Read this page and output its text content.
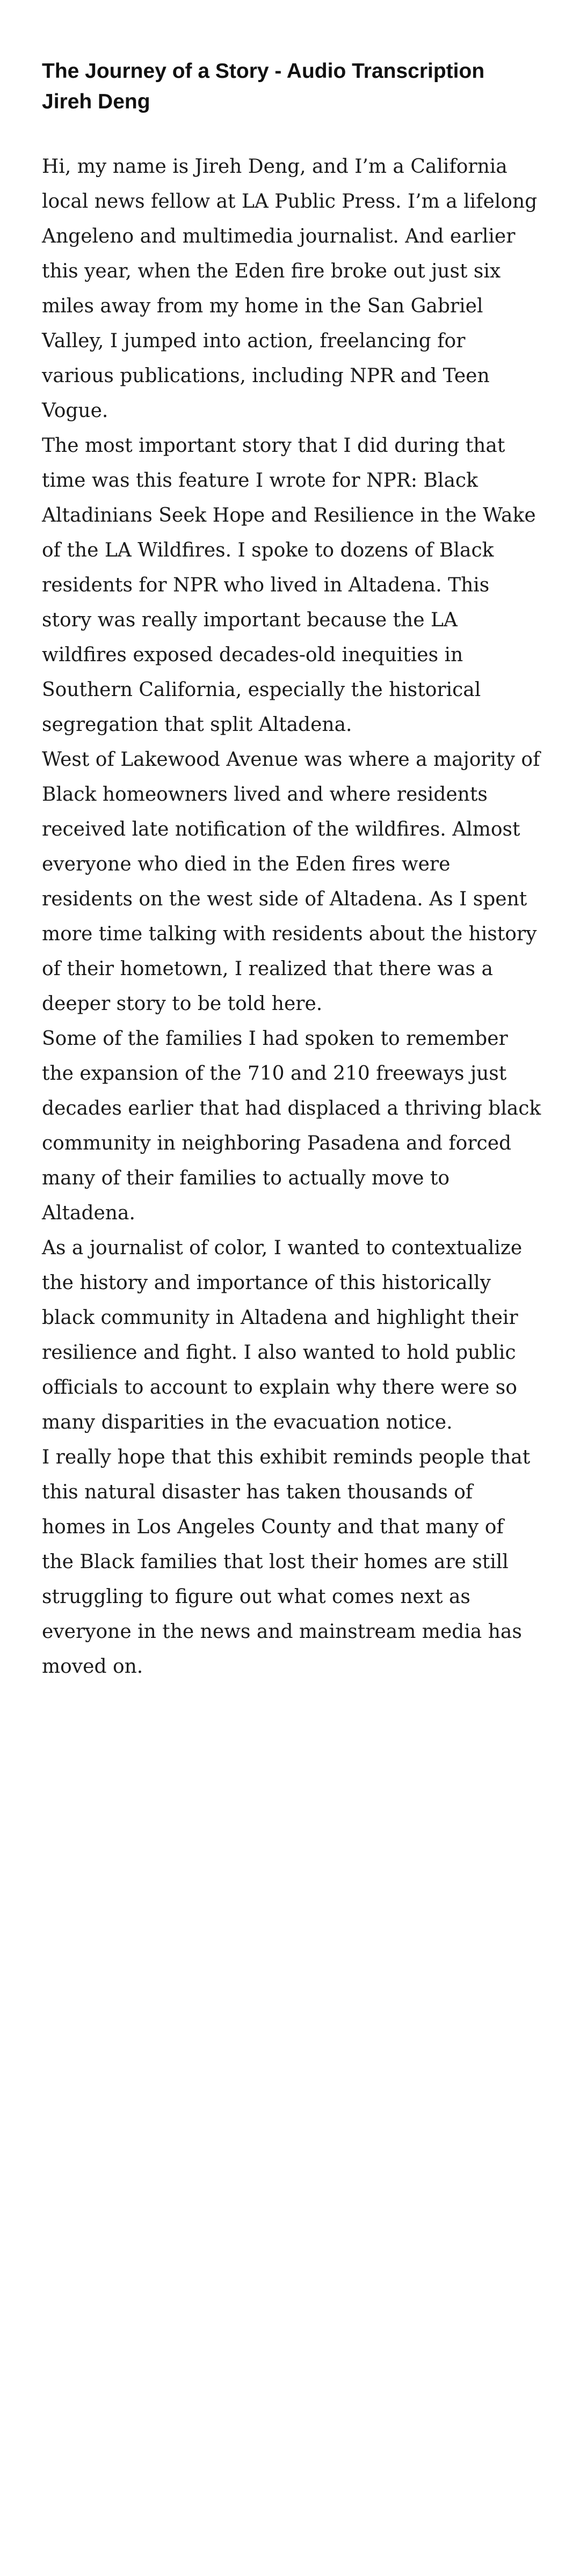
The Journey of a Story - Audio Transcription
Jireh Deng

Hi, my name is Jireh Deng, and I’m a California local news fellow at LA Public Press. I’m a lifelong Angeleno and multimedia journalist. And earlier this year, when the Eden fire broke out just six miles away from my home in the San Gabriel Valley, I jumped into action, freelancing for various publications, including NPR and Teen Vogue.

The most important story that I did during that time was this feature I wrote for NPR: Black Altadinians Seek Hope and Resilience in the Wake of the LA Wildfires. I spoke to dozens of Black residents for NPR who lived in Altadena. This story was really important because the LA wildfires exposed decades-old inequities in Southern California, especially the historical segregation that split Altadena.

West of Lakewood Avenue was where a majority of Black homeowners lived and where residents received late notification of the wildfires. Almost everyone who died in the Eden fires were residents on the west side of Altadena. As I spent more time talking with residents about the history of their hometown, I realized that there was a deeper story to be told here.

Some of the families I had spoken to remember the expansion of the 710 and 210 freeways just decades earlier that had displaced a thriving black community in neighboring Pasadena and forced many of their families to actually move to Altadena.

As a journalist of color, I wanted to contextualize the history and importance of this historically black community in Altadena and highlight their resilience and fight. I also wanted to hold public officials to account to explain why there were so many disparities in the evacuation notice.

I really hope that this exhibit reminds people that this natural disaster has taken thousands of homes in Los Angeles County and that many of the Black families that lost their homes are still struggling to figure out what comes next as everyone in the news and mainstream media has moved on.
